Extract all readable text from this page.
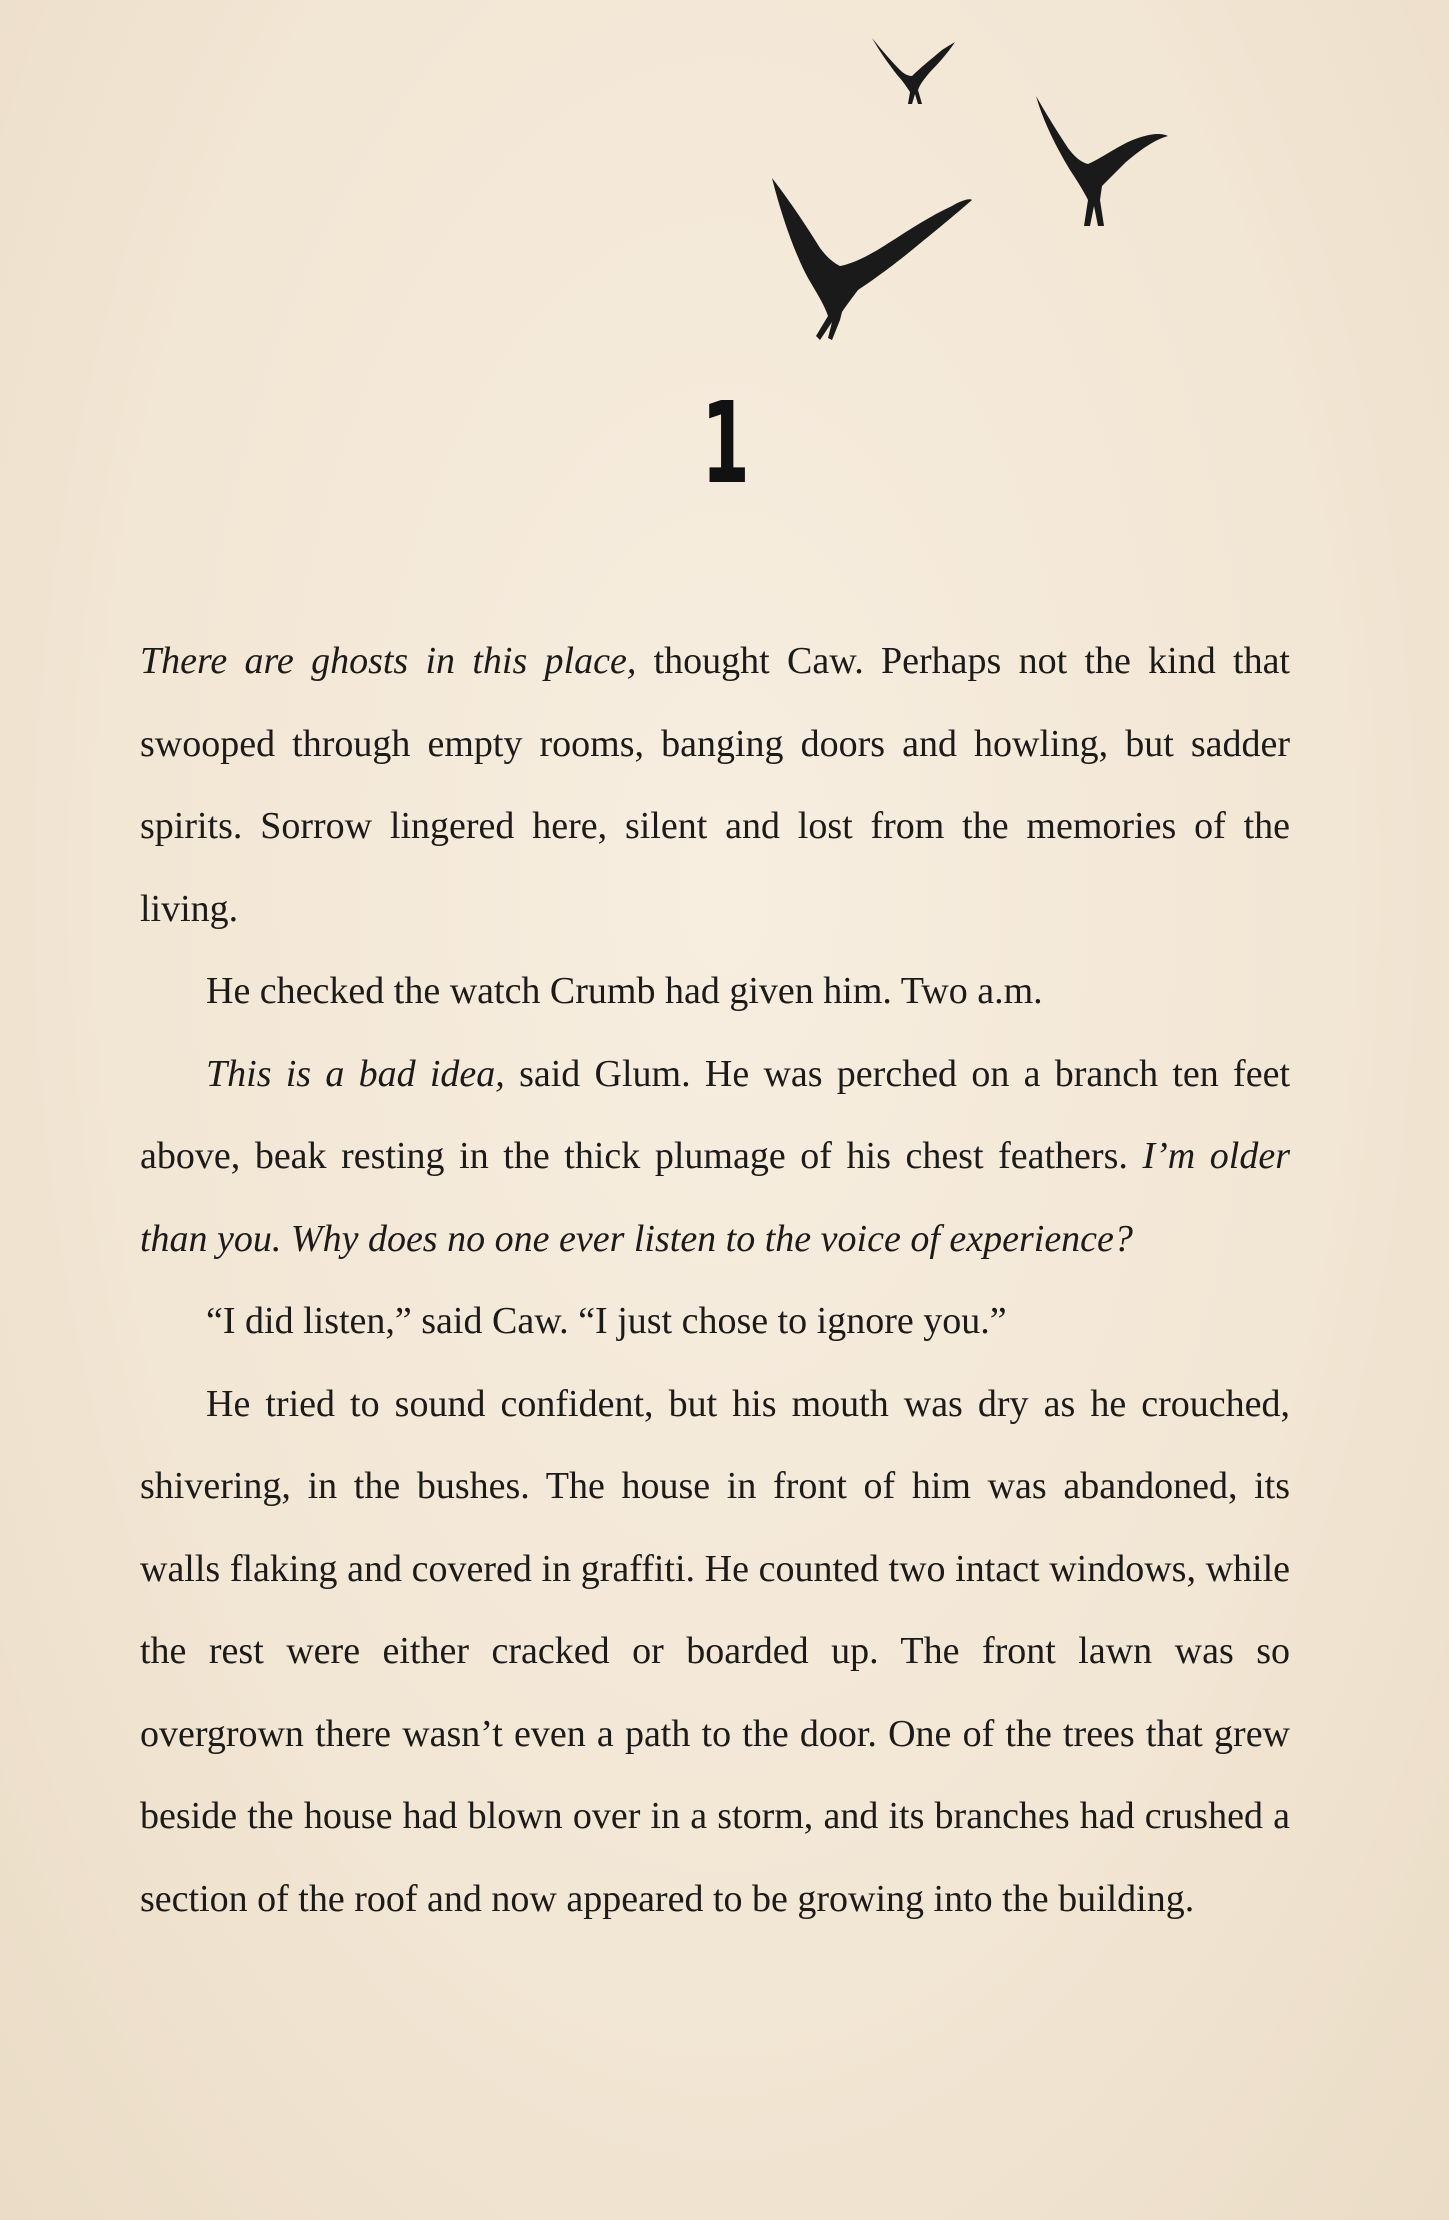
1

There are ghosts in this place, thought Caw. Perhaps not the kind that swooped through empty rooms, banging doors and howling, but sadder spirits. Sorrow lingered here, silent and lost from the memories of the living.

He checked the watch Crumb had given him. Two a.m.

This is a bad idea, said Glum. He was perched on a branch ten feet above, beak resting in the thick plumage of his chest feathers. I’m older than you. Why does no one ever listen to the voice of experience?

“I did listen,” said Caw. “I just chose to ignore you.”

He tried to sound confident, but his mouth was dry as he crouched, shivering, in the bushes. The house in front of him was abandoned, its walls flaking and covered in graffiti. He counted two intact windows, while the rest were either cracked or boarded up. The front lawn was so overgrown there wasn’t even a path to the door. One of the trees that grew beside the house had blown over in a storm, and its branches had crushed a section of the roof and now appeared to be growing into the building.
